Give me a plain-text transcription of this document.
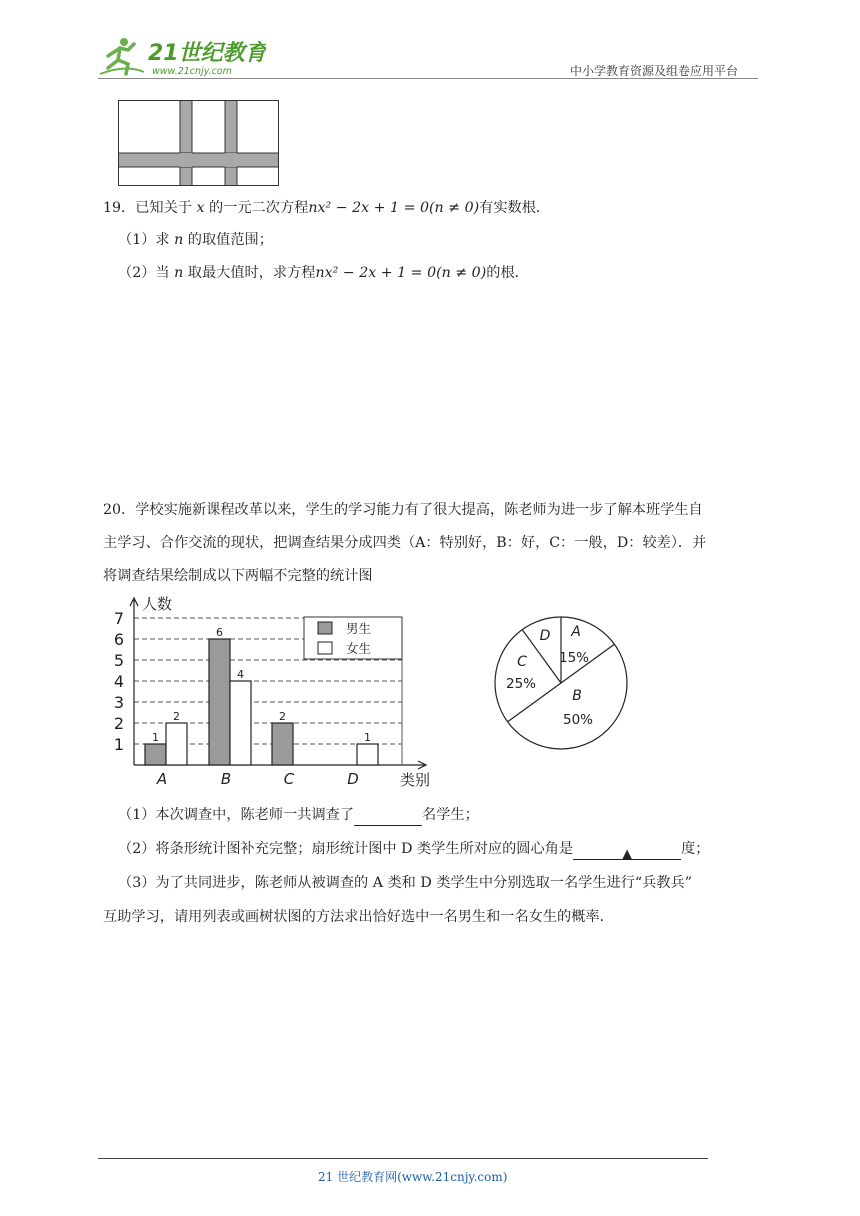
21世纪教育
www.21cnjy.com	中小学教育资源及组卷应用平台
19．已知关于 x 的一元二次方程nx² − 2x + 1 = 0(n ≠ 0)有实数根．
（1）求 n 的取值范围；
（2）当 n 取最大值时，求方程nx² − 2x + 1 = 0(n ≠ 0)的根．
20．学校实施新课程改革以来，学生的学习能力有了很大提高，陈老师为进一步了解本班学生自
主学习、合作交流的现状，把调查结果分成四类（A：特别好，B：好，C：一般，D：较差）．并
将调查结果绘制成以下两幅不完整的统计图
1
2
3
4
5
6
7
人数
类别
1
2
A
6
4
B
2
C
1
D
男生
女生
A
15%
B
50%
C
25%
D
（1）本次调查中，陈老师一共调查了	名学生；
（2）将条形统计图补充完整；扇形统计图中 D 类学生所对应的圆心角是	▲	度；
（3）为了共同进步，陈老师从被调查的 A 类和 D 类学生中分别选取一名学生进行“兵教兵”
互助学习，请用列表或画树状图的方法求出恰好选中一名男生和一名女生的概率．
21 世纪教育网(www.21cnjy.com)
